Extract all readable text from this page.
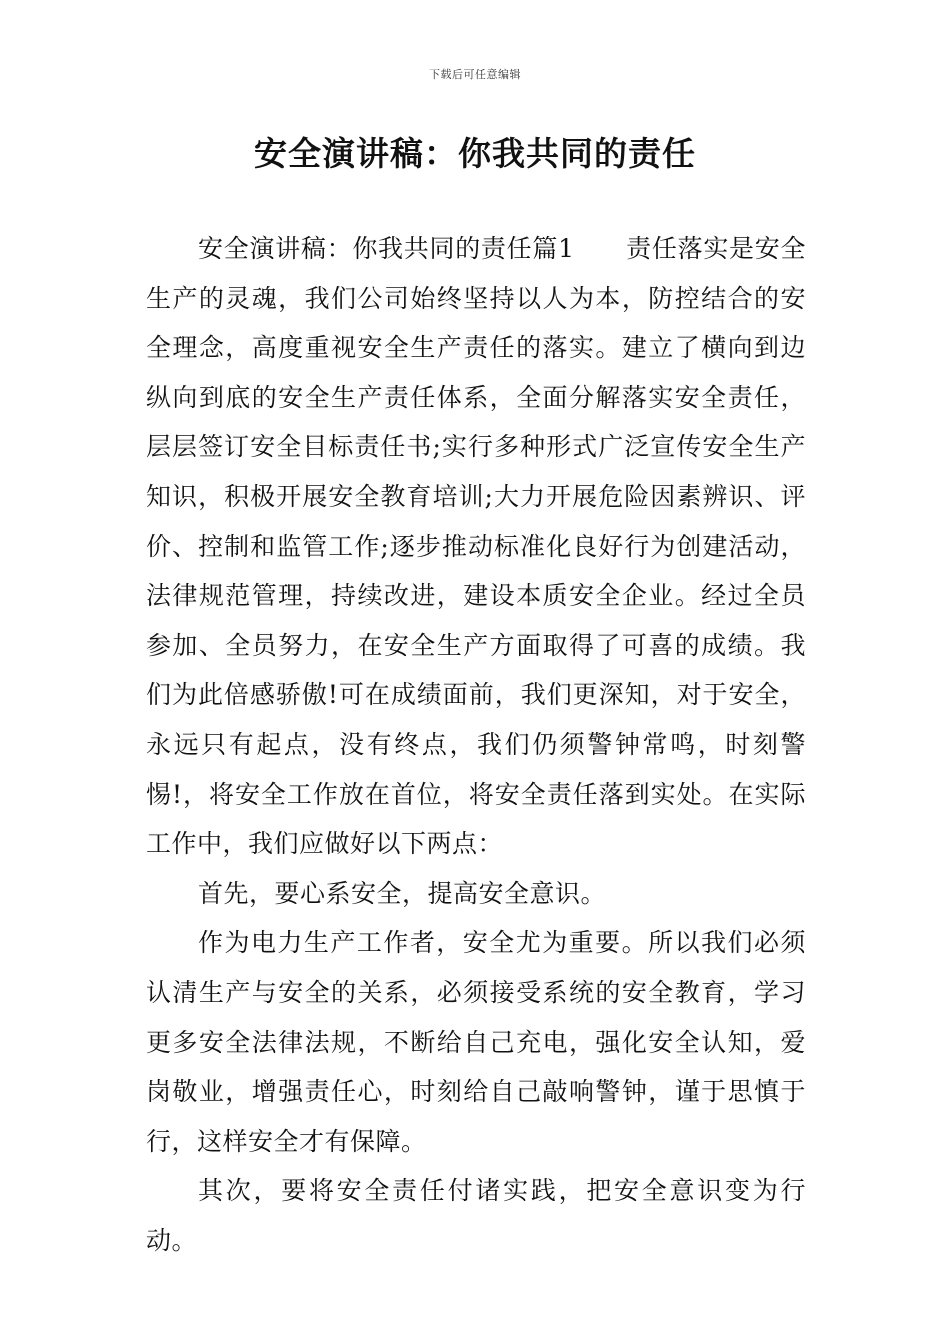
下载后可任意编辑
安全演讲稿：你我共同的责任

安全演讲稿：你我共同的责任篇1　　责任落实是安全生产的灵魂，我们公司始终坚持以人为本，防控结合的安全理念，高度重视安全生产责任的落实。建立了横向到边纵向到底的安全生产责任体系，全面分解落实安全责任，层层签订安全目标责任书;实行多种形式广泛宣传安全生产知识，积极开展安全教育培训;大力开展危险因素辨识、评价、控制和监管工作;逐步推动标准化良好行为创建活动，法律规范管理，持续改进，建设本质安全企业。经过全员参加、全员努力，在安全生产方面取得了可喜的成绩。我们为此倍感骄傲!可在成绩面前，我们更深知，对于安全，永远只有起点，没有终点，我们仍须警钟常鸣，时刻警惕!，将安全工作放在首位，将安全责任落到实处。在实际工作中，我们应做好以下两点：

首先，要心系安全，提高安全意识。

作为电力生产工作者，安全尤为重要。所以我们必须认清生产与安全的关系，必须接受系统的安全教育，学习更多安全法律法规，不断给自己充电，强化安全认知，爱岗敬业，增强责任心，时刻给自己敲响警钟，谨于思慎于行，这样安全才有保障。

其次，要将安全责任付诸实践，把安全意识变为行动。
